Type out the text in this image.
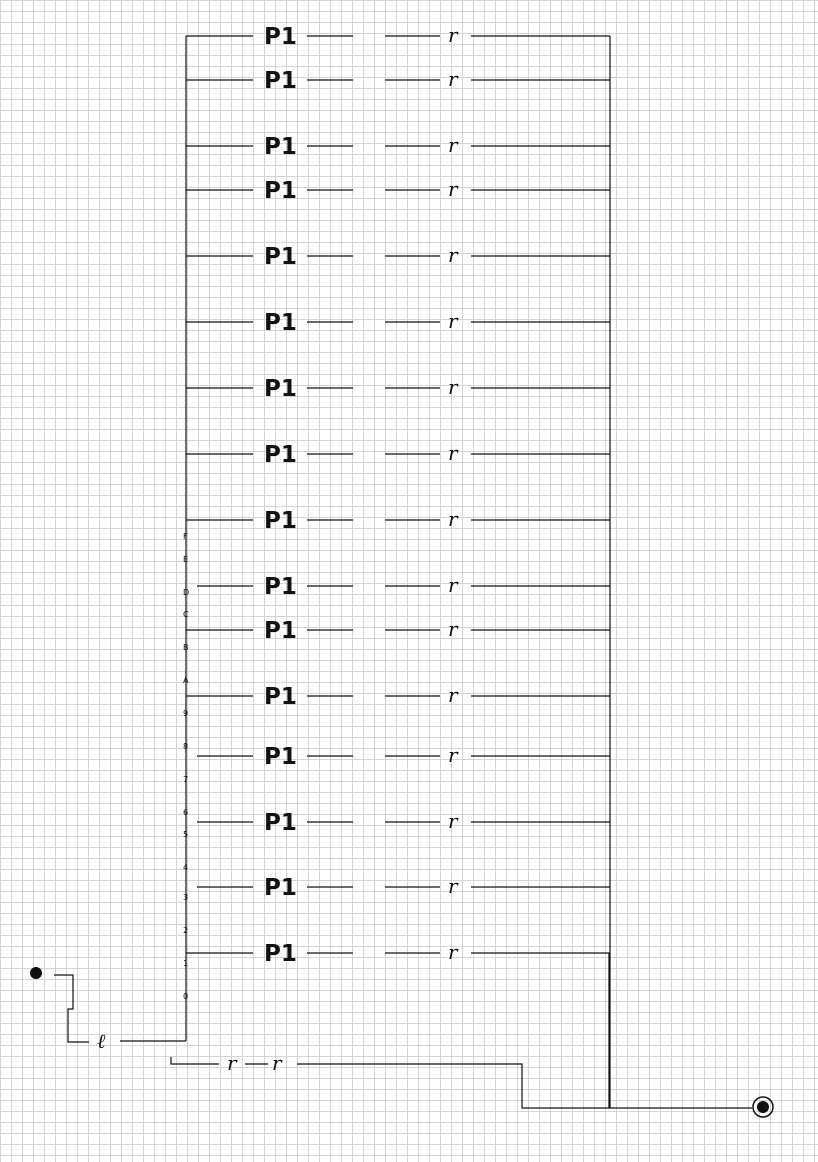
P1	r
P1	r
P1	r
P1	r
P1	r
P1	r
P1	r
P1	r
P1	r
P1	r
P1	r
P1	r
P1	r
P1	r
P1	r
P1	r
F
E
D
C
B
A
9
8
7
6
5
4
3
2
1
0
ℓ
r r
